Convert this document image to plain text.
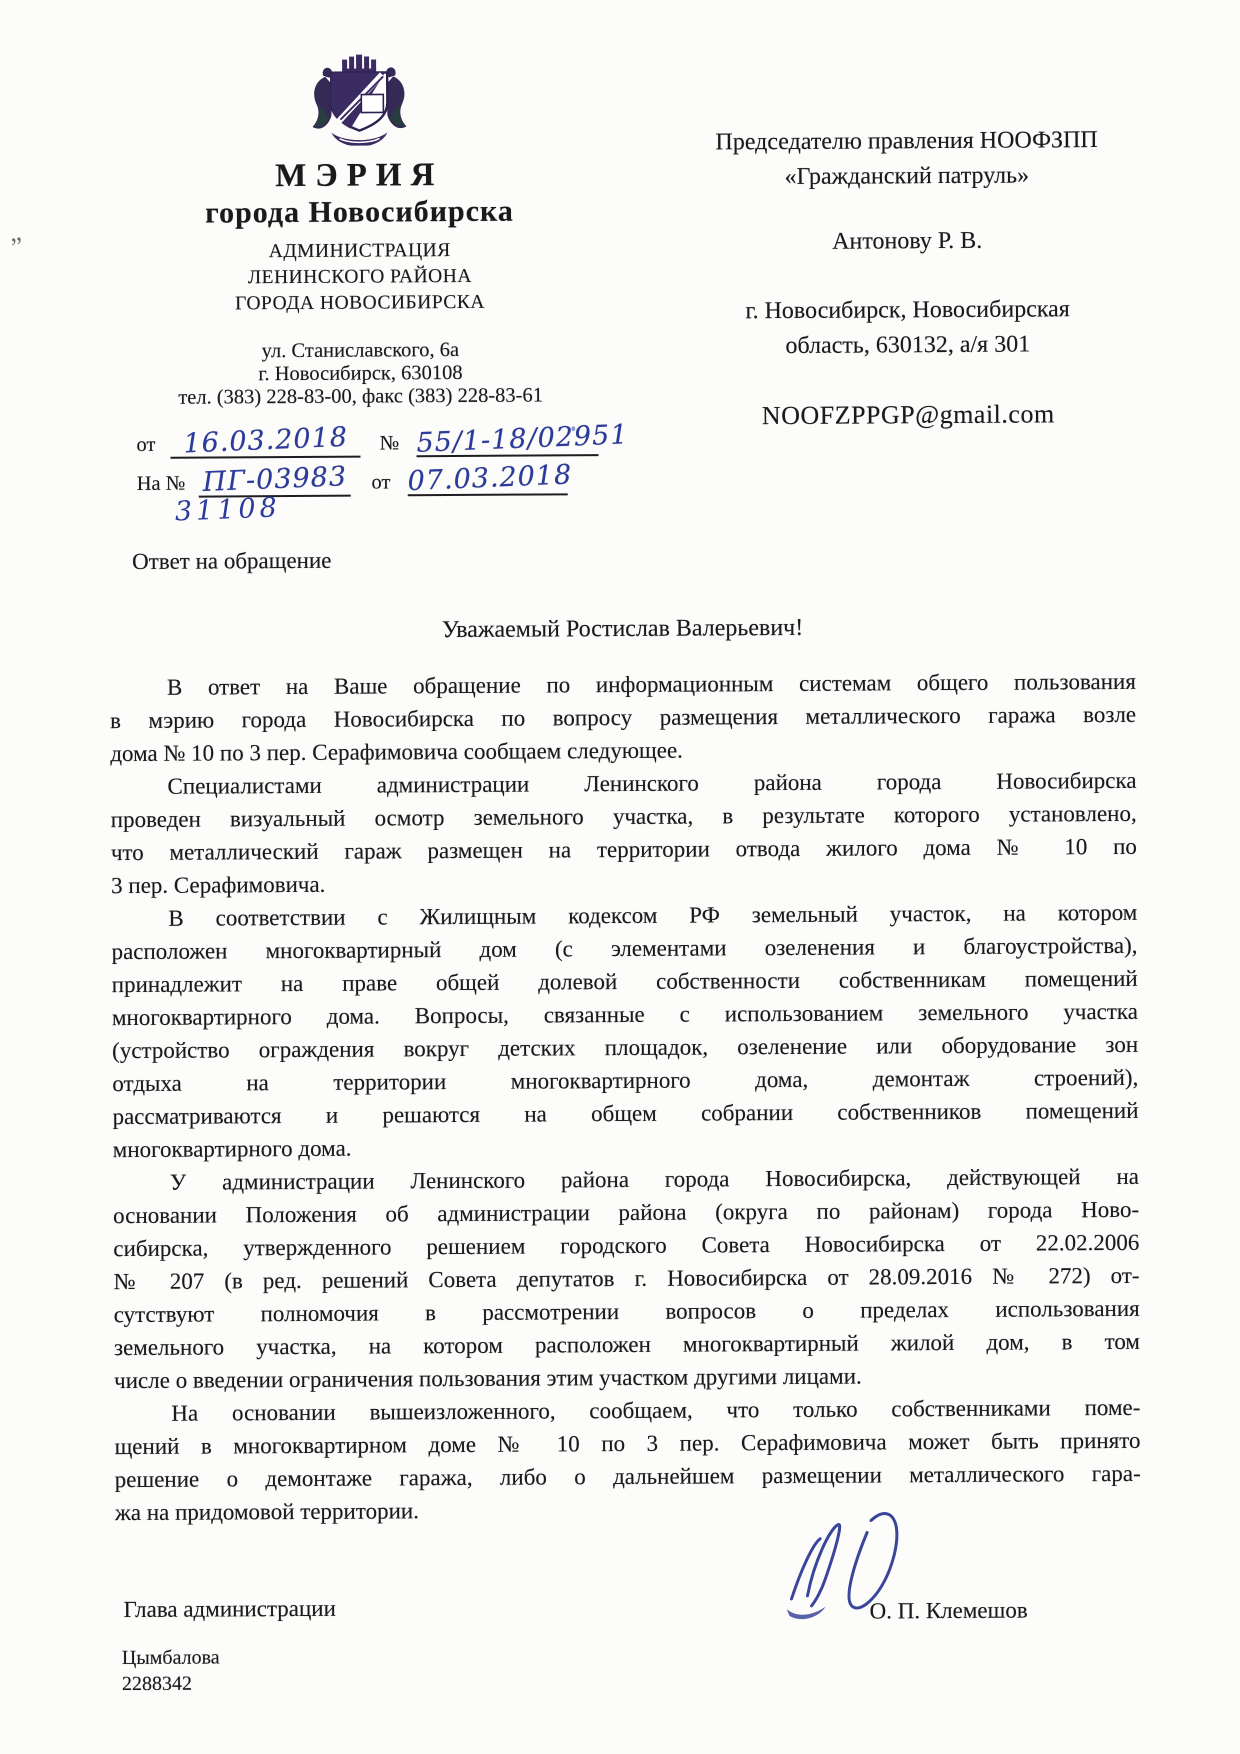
„
МЭРИЯ
города Новосибирска
АДМИНИСТРАЦИЯ
ЛЕНИНСКОГО РАЙОНА
ГОРОДА НОВОСИБИРСКА
ул. Станиславского, 6а
г. Новосибирск, 630108
тел. (383) 228-83-00, факс (383) 228-83-61
от 16.03.2018 № 55/1-18/02951
На № ПГ-03983 от 07.03.2018
31108
Председателю правления НООФЗПП
«Гражданский патруль»
Антонову Р. В.
г. Новосибирск, Новосибирская
область, 630132, а/я 301
NOOFZPPGP@gmail.com
Ответ на обращение
Уважаемый Ростислав Валерьевич!
В ответ на Ваше обращение по информационным системам общего пользования
в мэрию города Новосибирска по вопросу размещения металлического гаража возле
дома № 10 по 3 пер. Серафимовича сообщаем следующее.
Специалистами администрации Ленинского района города Новосибирска
проведен визуальный осмотр земельного участка, в результате которого установлено,
что металлический гараж размещен на территории отвода жилого дома № 10 по
3 пер. Серафимовича.
В соответствии с Жилищным кодексом РФ земельный участок, на котором
расположен многоквартирный дом (с элементами озеленения и благоустройства),
принадлежит на праве общей долевой собственности собственникам помещений
многоквартирного дома. Вопросы, связанные с использованием земельного участка
(устройство ограждения вокруг детских площадок, озеленение или оборудование зон
отдыха на территории многоквартирного дома, демонтаж строений),
рассматриваются и решаются на общем собрании собственников помещений
многоквартирного дома.
У администрации Ленинского района города Новосибирска, действующей на
основании Положения об администрации района (округа по районам) города Ново-
сибирска, утвержденного решением городского Совета Новосибирска от 22.02.2006
№ 207 (в ред. решений Совета депутатов г. Новосибирска от 28.09.2016 № 272) от-
сутствуют полномочия в рассмотрении вопросов о пределах использования
земельного участка, на котором расположен многоквартирный жилой дом, в том
числе о введении ограничения пользования этим участком другими лицами.
На основании вышеизложенного, сообщаем, что только собственниками поме-
щений в многоквартирном доме № 10 по 3 пер. Серафимовича может быть принято
решение о демонтаже гаража, либо о дальнейшем размещении металлического гара-
жа на придомовой территории.
Глава администрации	О. П. Клемешов
Цымбалова
2288342
